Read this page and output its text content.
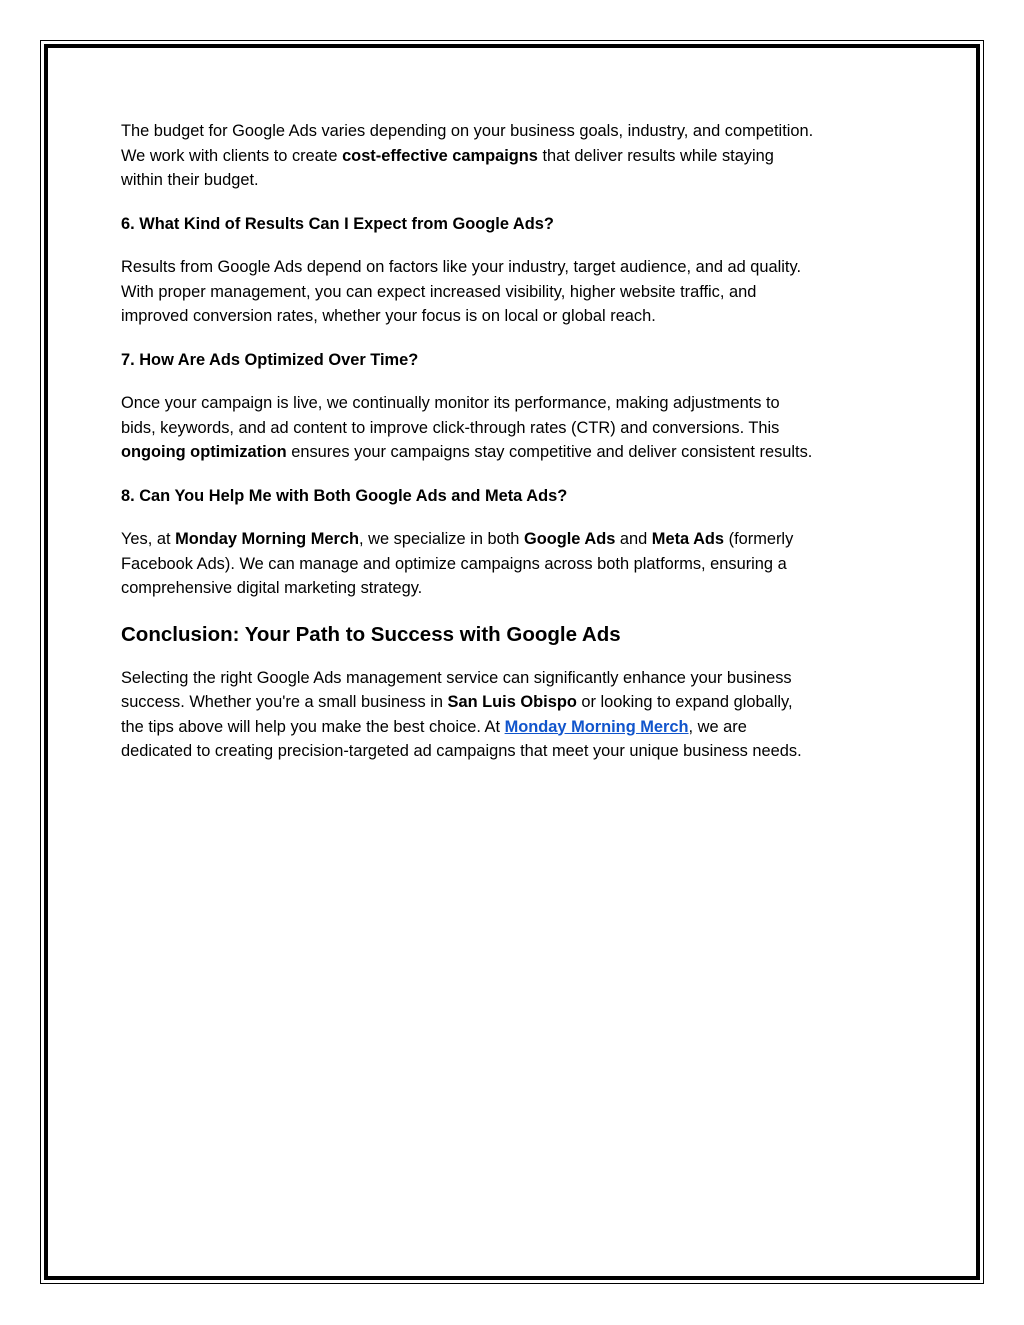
The budget for Google Ads varies depending on your business goals, industry, and competition.
We work with clients to create cost-effective campaigns that deliver results while staying
within their budget.

6. What Kind of Results Can I Expect from Google Ads?

Results from Google Ads depend on factors like your industry, target audience, and ad quality.
With proper management, you can expect increased visibility, higher website traffic, and
improved conversion rates, whether your focus is on local or global reach.

7. How Are Ads Optimized Over Time?

Once your campaign is live, we continually monitor its performance, making adjustments to
bids, keywords, and ad content to improve click-through rates (CTR) and conversions. This
ongoing optimization ensures your campaigns stay competitive and deliver consistent results.

8. Can You Help Me with Both Google Ads and Meta Ads?

Yes, at Monday Morning Merch, we specialize in both Google Ads and Meta Ads (formerly
Facebook Ads). We can manage and optimize campaigns across both platforms, ensuring a
comprehensive digital marketing strategy.

Conclusion: Your Path to Success with Google Ads

Selecting the right Google Ads management service can significantly enhance your business
success. Whether you're a small business in San Luis Obispo or looking to expand globally,
the tips above will help you make the best choice. At Monday Morning Merch, we are
dedicated to creating precision-targeted ad campaigns that meet your unique business needs.
